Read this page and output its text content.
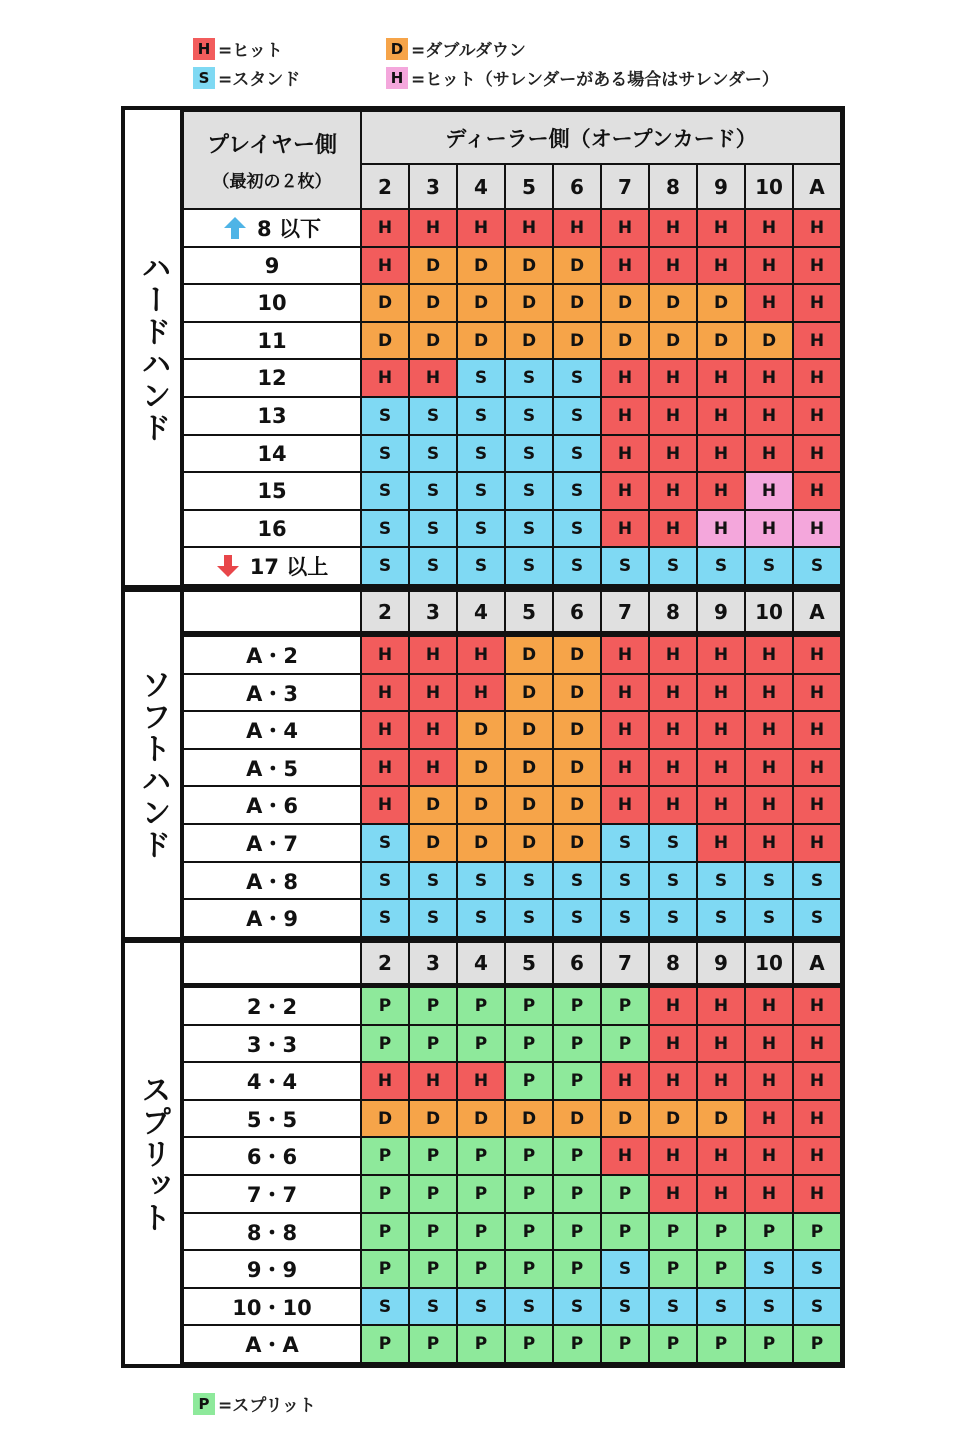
H =ヒット
S =スタンド
D =ダブルダウン
H =ヒット（サレンダーがある場合はサレンダー）
ハードハンド
プレイヤー側
（最初の２枚）
ディーラー側（オープンカード）
2	3	4	5	6	7	8	9	10	A
8 以下	H	H	H	H	H	H	H	H	H	H
9	H	D	D	D	D	H	H	H	H	H
10	D	D	D	D	D	D	D	D	H	H
11	D	D	D	D	D	D	D	D	D	H
12	H	H	S	S	S	H	H	H	H	H
13	S	S	S	S	S	H	H	H	H	H
14	S	S	S	S	S	H	H	H	H	H
15	S	S	S	S	S	H	H	H	H	H
16	S	S	S	S	S	H	H	H	H	H
17 以上	S	S	S	S	S	S	S	S	S	S
ソフトハンド
2	3	4	5	6	7	8	9	10	A
A・2	H	H	H	D	D	H	H	H	H	H
A・3	H	H	H	D	D	H	H	H	H	H
A・4	H	H	D	D	D	H	H	H	H	H
A・5	H	H	D	D	D	H	H	H	H	H
A・6	H	D	D	D	D	H	H	H	H	H
A・7	S	D	D	D	D	S	S	H	H	H
A・8	S	S	S	S	S	S	S	S	S	S
A・9	S	S	S	S	S	S	S	S	S	S
スプリット
2	3	4	5	6	7	8	9	10	A
2・2	P	P	P	P	P	P	H	H	H	H
3・3	P	P	P	P	P	P	H	H	H	H
4・4	H	H	H	P	P	H	H	H	H	H
5・5	D	D	D	D	D	D	D	D	H	H
6・6	P	P	P	P	P	H	H	H	H	H
7・7	P	P	P	P	P	P	H	H	H	H
8・8	P	P	P	P	P	P	P	P	P	P
9・9	P	P	P	P	P	S	P	P	S	S
10・10	S	S	S	S	S	S	S	S	S	S
A・A	P	P	P	P	P	P	P	P	P	P
P =スプリット
